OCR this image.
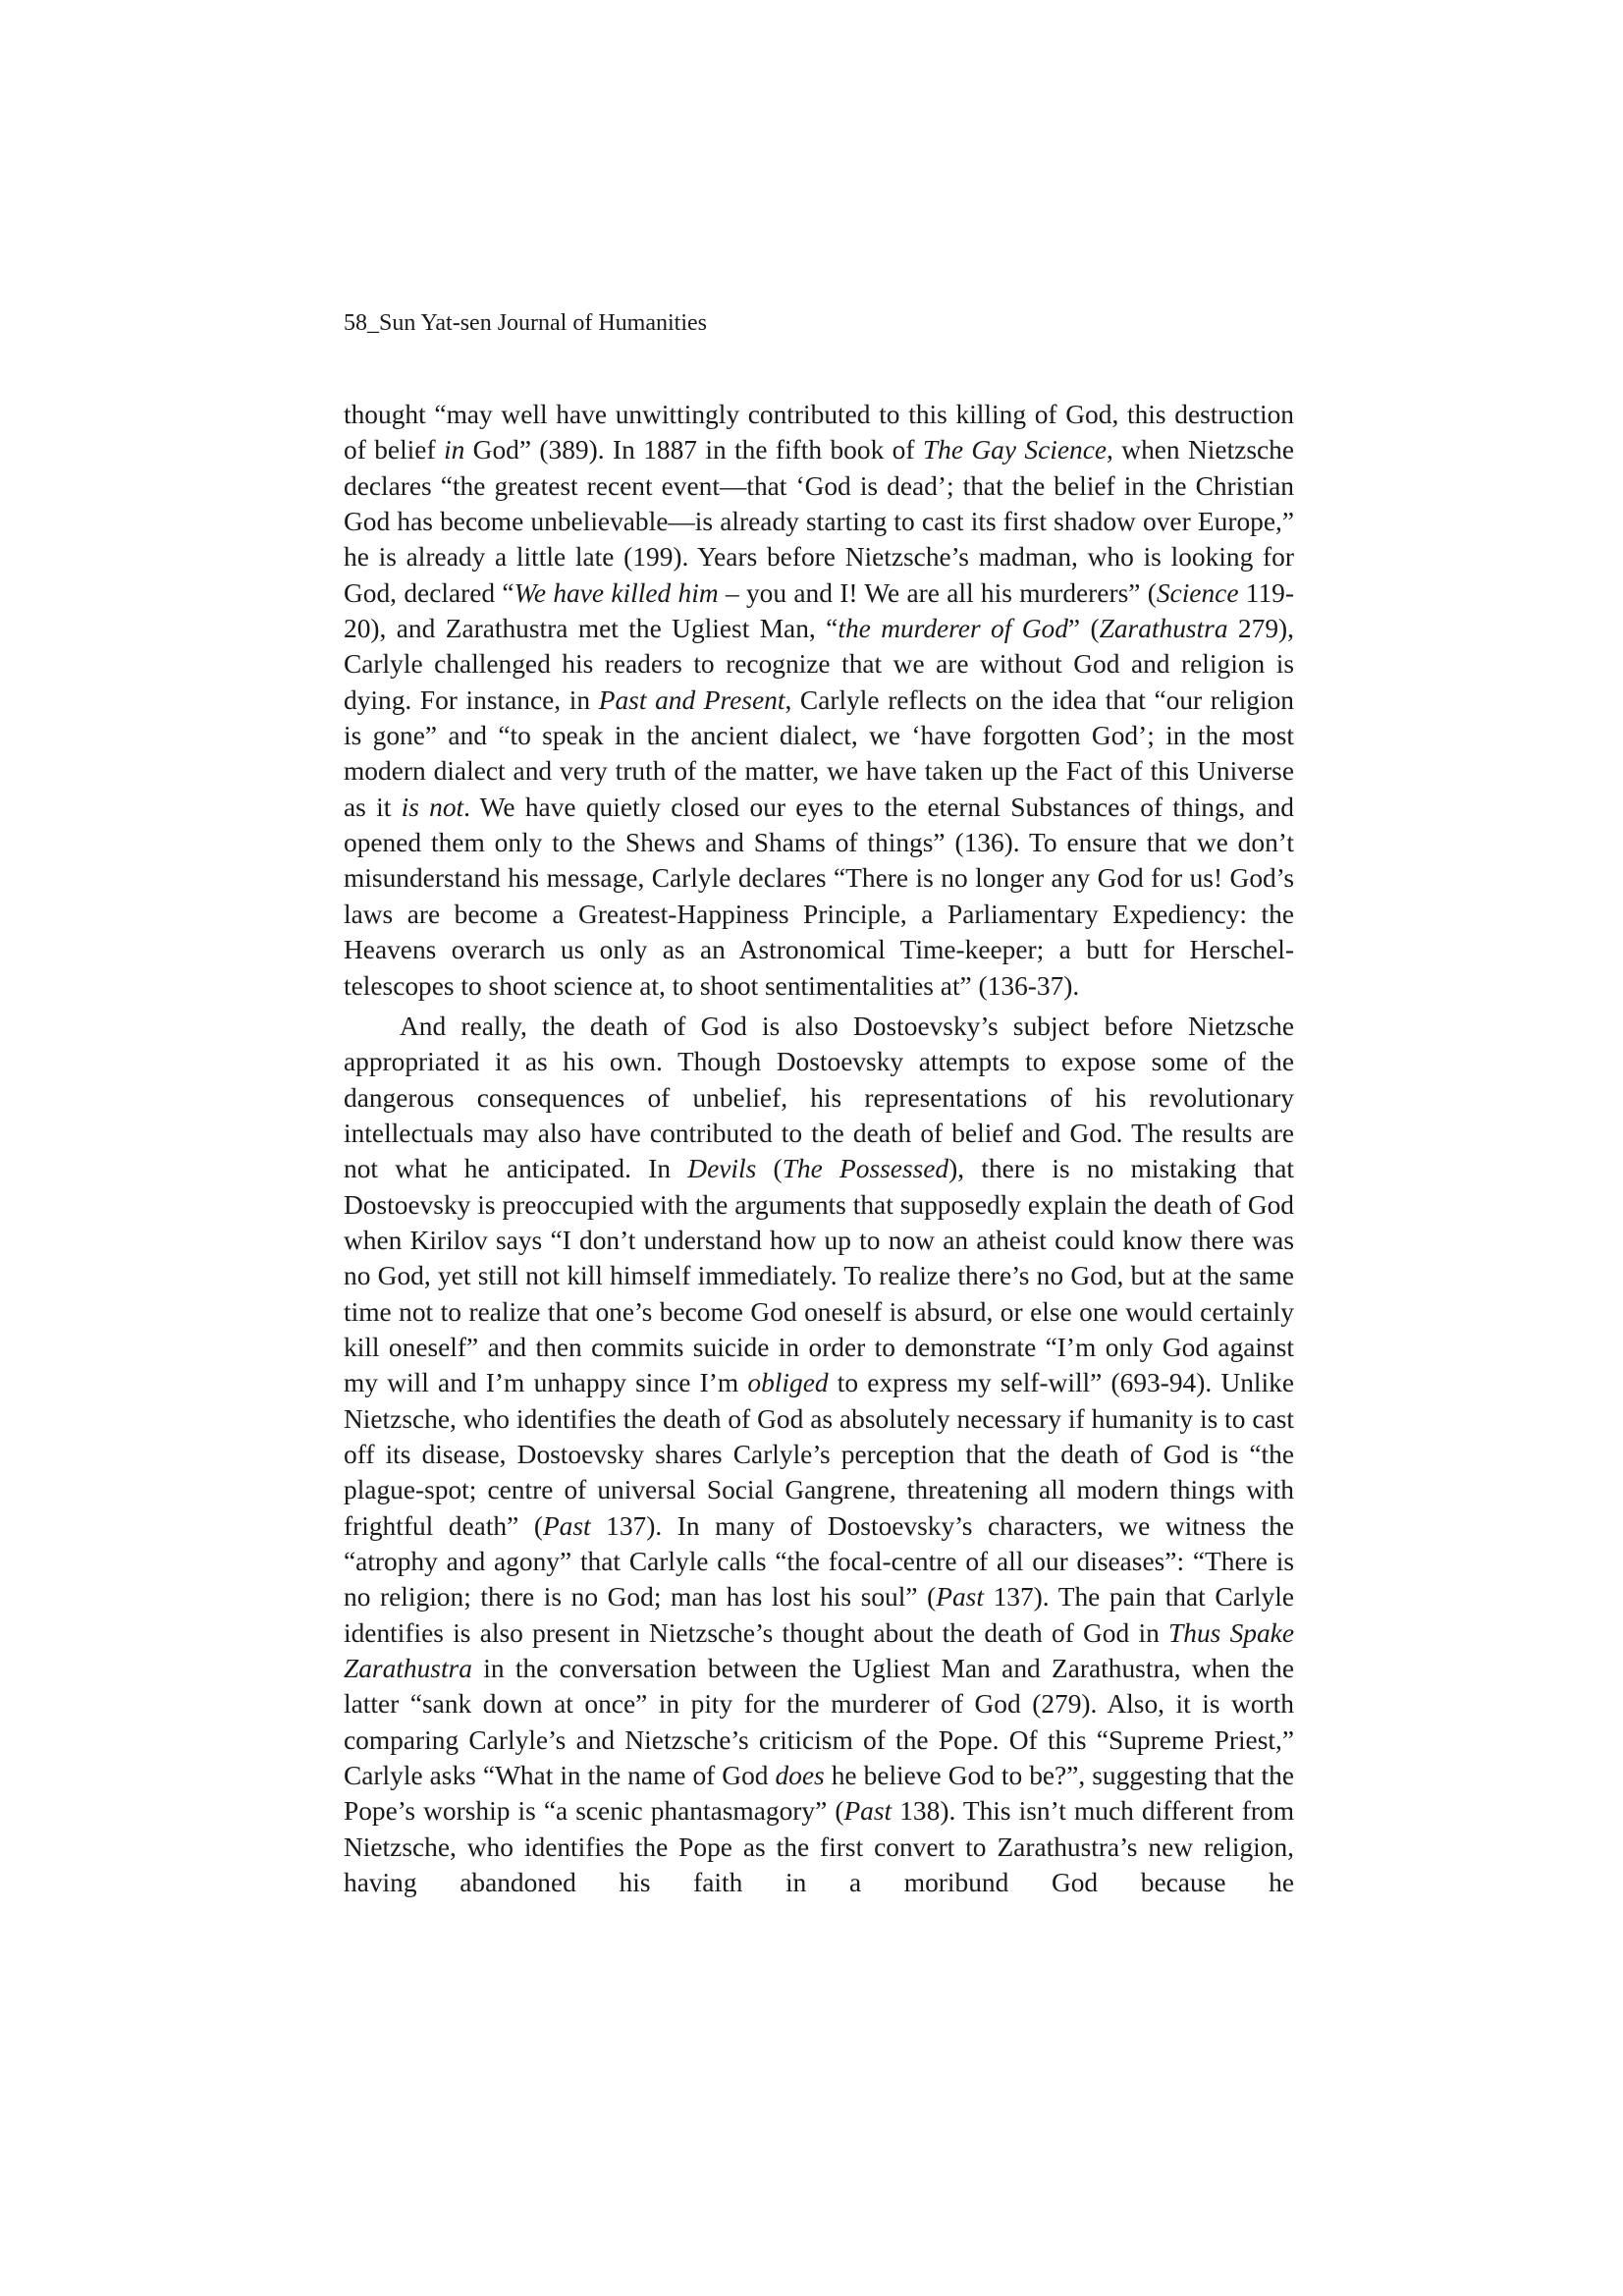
58_Sun Yat-sen Journal of Humanities

thought “may well have unwittingly contributed to this killing of God, this destruction of belief in God” (389). In 1887 in the fifth book of The Gay Science, when Nietzsche declares “the greatest recent event—that ‘God is dead’; that the belief in the Christian God has become unbelievable—is already starting to cast its first shadow over Europe,” he is already a little late (199). Years before Nietzsche’s madman, who is looking for God, declared “We have killed him – you and I! We are all his murderers” (Science 119-20), and Zarathustra met the Ugliest Man, “the murderer of God” (Zarathustra 279), Carlyle challenged his readers to recognize that we are without God and religion is dying. For instance, in Past and Present, Carlyle reflects on the idea that “our religion is gone” and “to speak in the ancient dialect, we ‘have forgotten God’; in the most modern dialect and very truth of the matter, we have taken up the Fact of this Universe as it is not. We have quietly closed our eyes to the eternal Substances of things, and opened them only to the Shews and Shams of things” (136). To ensure that we don’t misunderstand his message, Carlyle declares “There is no longer any God for us! God’s laws are become a Greatest-Happiness Principle, a Parliamentary Expediency: the Heavens overarch us only as an Astronomical Time-keeper; a butt for Herschel-telescopes to shoot science at, to shoot sentimentalities at” (136-37).

And really, the death of God is also Dostoevsky’s subject before Nietzsche appropriated it as his own. Though Dostoevsky attempts to expose some of the dangerous consequences of unbelief, his representations of his revolutionary intellectuals may also have contributed to the death of belief and God. The results are not what he anticipated. In Devils (The Possessed), there is no mistaking that Dostoevsky is preoccupied with the arguments that supposedly explain the death of God when Kirilov says “I don’t understand how up to now an atheist could know there was no God, yet still not kill himself immediately. To realize there’s no God, but at the same time not to realize that one’s become God oneself is absurd, or else one would certainly kill oneself” and then commits suicide in order to demonstrate “I’m only God against my will and I’m unhappy since I’m obliged to express my self-will” (693-94). Unlike Nietzsche, who identifies the death of God as absolutely necessary if humanity is to cast off its disease, Dostoevsky shares Carlyle’s perception that the death of God is “the plague-spot; centre of universal Social Gangrene, threatening all modern things with frightful death” (Past 137). In many of Dostoevsky’s characters, we witness the “atrophy and agony” that Carlyle calls “the focal-centre of all our diseases”: “There is no religion; there is no God; man has lost his soul” (Past 137). The pain that Carlyle identifies is also present in Nietzsche’s thought about the death of God in Thus Spake Zarathustra in the conversation between the Ugliest Man and Zarathustra, when the latter “sank down at once” in pity for the murderer of God (279). Also, it is worth comparing Carlyle’s and Nietzsche’s criticism of the Pope. Of this “Supreme Priest,” Carlyle asks “What in the name of God does he believe God to be?”, suggesting that the Pope’s worship is “a scenic phantasmagory” (Past 138). This isn’t much different from Nietzsche, who identifies the Pope as the first convert to Zarathustra’s new religion, having abandoned his faith in a moribund God because he
